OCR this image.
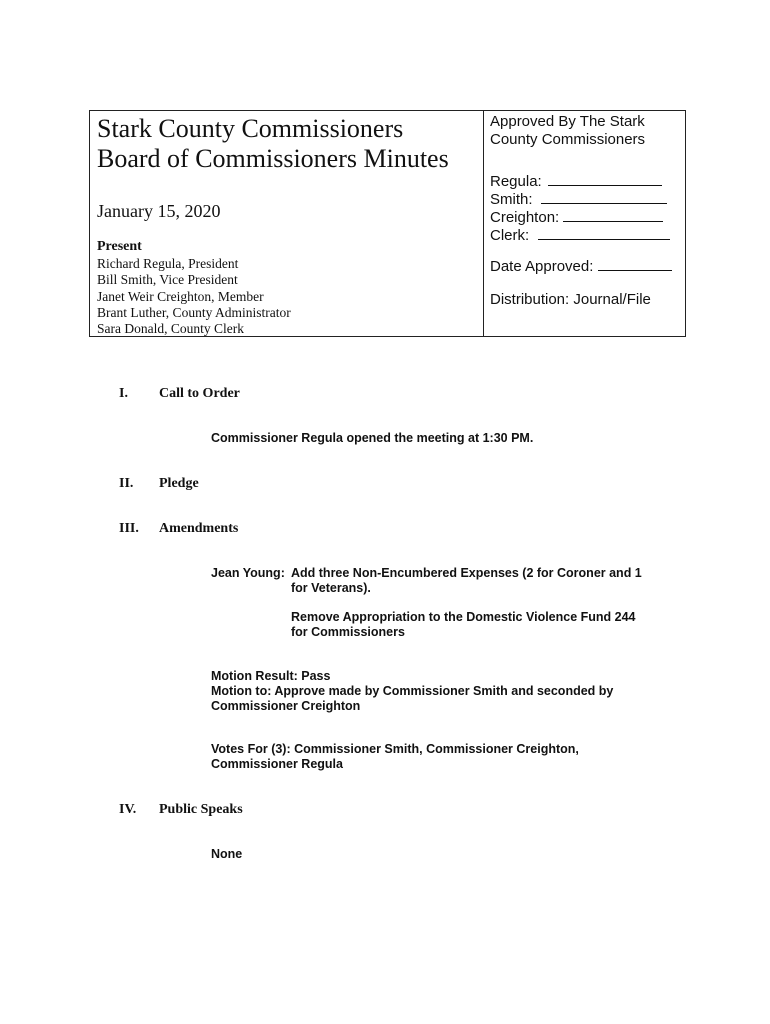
Stark County Commissioners
Board of Commissioners Minutes
January 15, 2020
Present
Richard Regula, President
Bill Smith, Vice President
Janet Weir Creighton, Member
Brant Luther, County Administrator
Sara Donald, County Clerk
Approved By The Stark
County Commissioners
Regula:
Smith:
Creighton:
Clerk:
Date Approved:
Distribution: Journal/File
I. Call to Order
Commissioner Regula opened the meeting at 1:30 PM.
II. Pledge
III. Amendments
Jean Young: Add three Non-Encumbered Expenses (2 for Coroner and 1
for Veterans).
Remove Appropriation to the Domestic Violence Fund 244
for Commissioners
Motion Result: Pass
Motion to: Approve made by Commissioner Smith and seconded by
Commissioner Creighton
Votes For (3): Commissioner Smith, Commissioner Creighton,
Commissioner Regula
IV. Public Speaks
None
